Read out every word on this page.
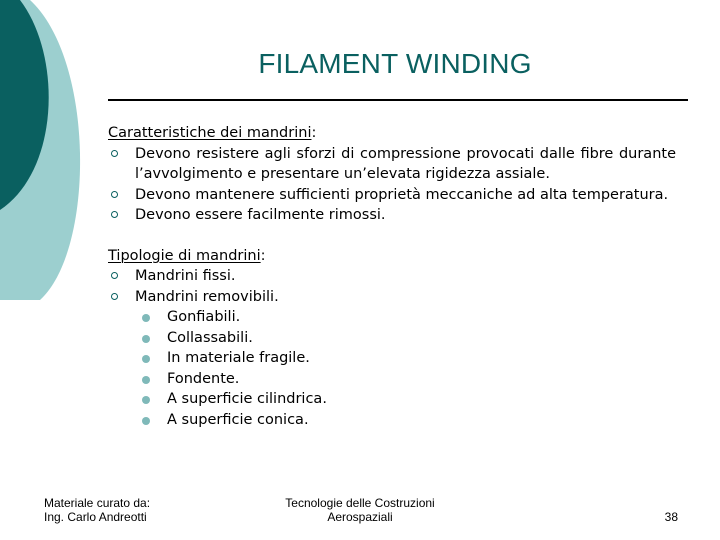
FILAMENT WINDING

Caratteristiche dei mandrini:

Devono resistere agli sforzi di compressione provocati dalle fibre durante l’avvolgimento e presentare un’elevata rigidezza assiale.
Devono mantenere sufficienti proprietà meccaniche ad alta temperatura.
Devono essere facilmente rimossi.

Tipologie di mandrini:

Mandrini fissi.
Mandrini removibili.
Gonfiabili.
Collassabili.
In materiale fragile.
Fondente.
A superficie cilindrica.
A superficie conica.
Materiale curato da:
Ing. Carlo Andreotti
Tecnologie delle Costruzioni
Aerospaziali	38
